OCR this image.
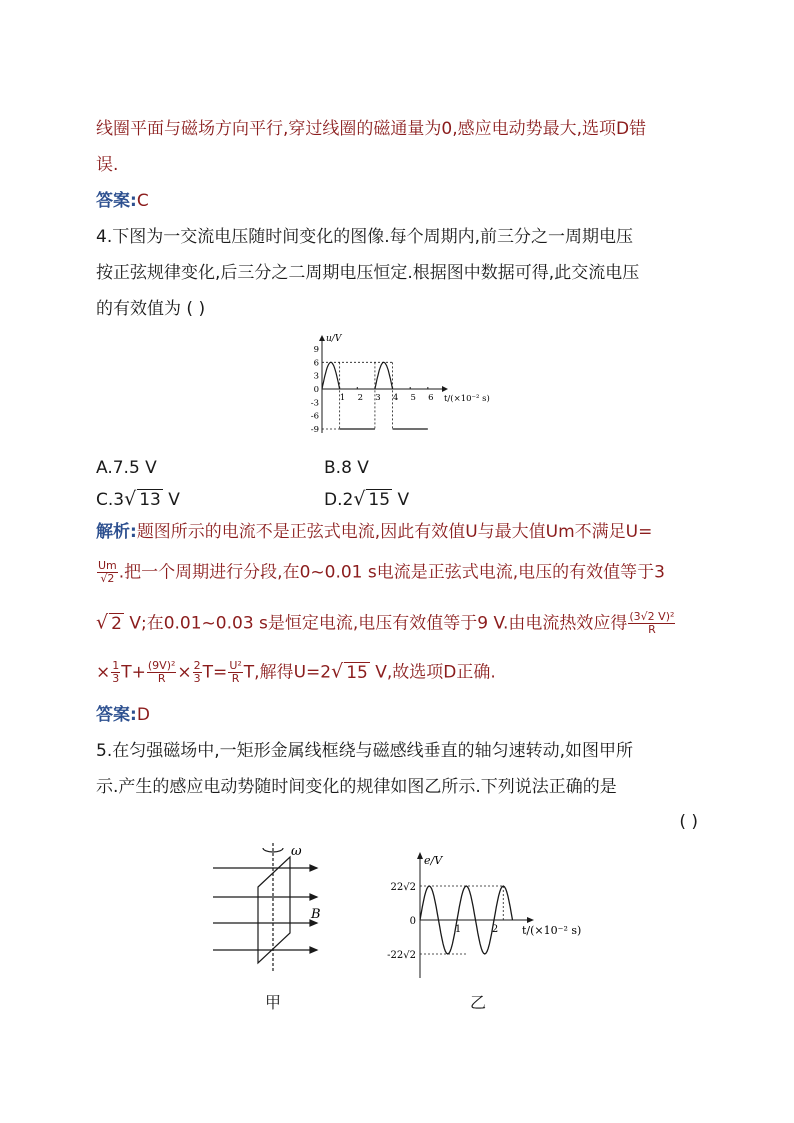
线圈平面与磁场方向平行,穿过线圈的磁通量为0,感应电动势最大,选项D错
误.
答案:C
4.下图为一交流电压随时间变化的图像.每个周期内,前三分之一周期电压
按正弦规律变化,后三分之二周期电压恒定.根据图中数据可得,此交流电压
的有效值为 ( )
u/V
t/(×10⁻² s)
9
6
3
0
-3
-6
-9
1 2 3 4 5 6
A.7.5 V	B.8 V
C.3√ 13 V	D.2√ 15 V
解析:题图所示的电流不是正弦式电流,因此有效值U与最大值Um不满足U=
$\frac{Um}{√2}$ .把一个周期进行分段,在0~0.01 s电流是正弦式电流,电压的有效值等于3
√ 2 V;在0.01~0.03 s是恒定电流,电压有效值等于9 V.由电流热效应得 $\frac{\text{(3√2 V)²}}{R}$
× $\frac{1}{3} T+ \frac{\text{(9V)²}}{R} \times \frac{2}{3} T= \frac{\text{U²}}{R} T$,解得U=2√ 15 V,故选项D正确.
答案:D
5.在匀强磁场中,一矩形金属线框绕与磁感线垂直的轴匀速转动,如图甲所
示.产生的感应电动势随时间变化的规律如图乙所示.下列说法正确的是
( )
ω
B
甲
e/V
t/(×10⁻² s)
22√2
0
-22√2
1	2
乙
